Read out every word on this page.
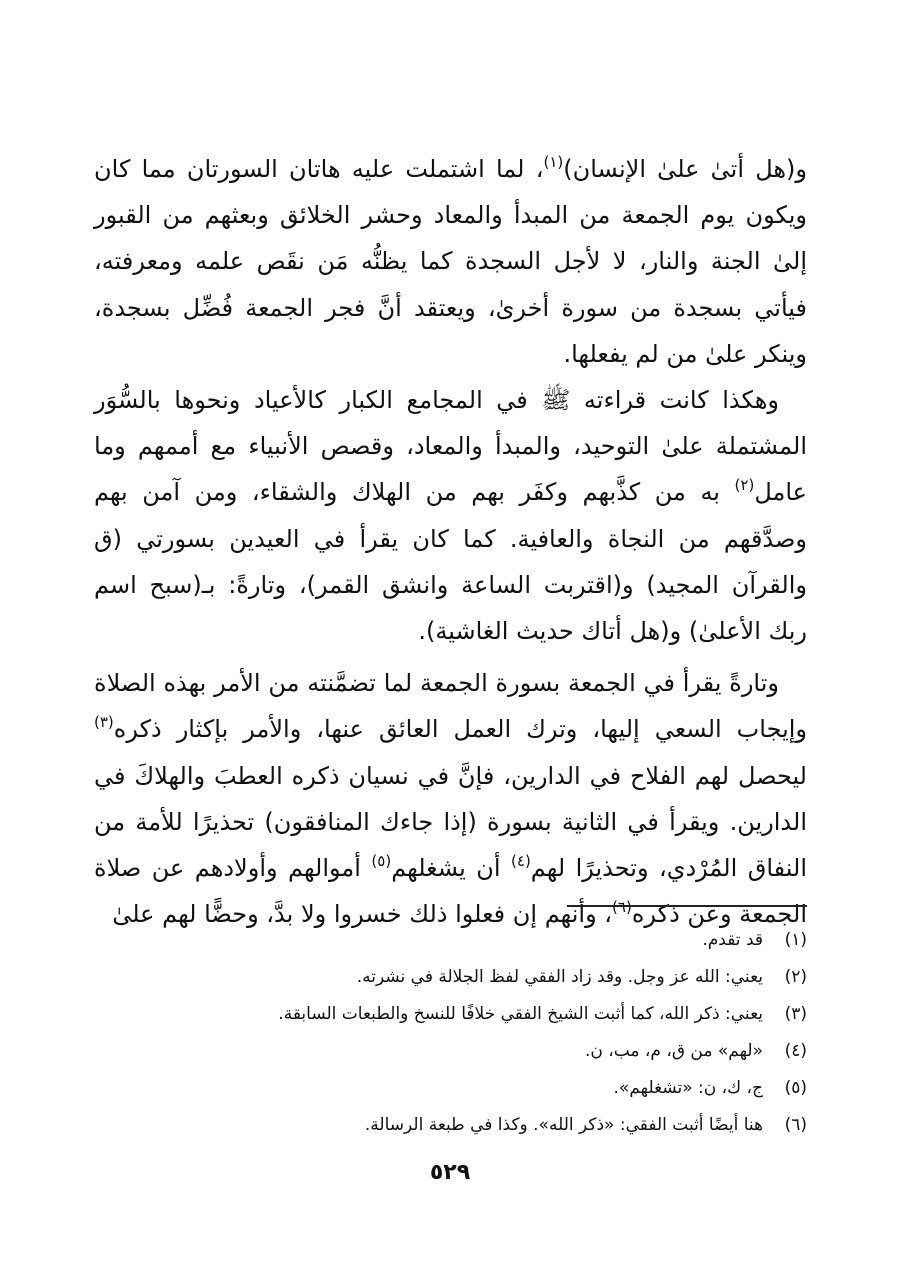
و(هل أتىٰ علىٰ الإنسان)$^{(١)}$، لما اشتملت عليه هاتان السورتان مما كان ويكون يوم الجمعة من المبدأ والمعاد وحشر الخلائق وبعثهم من القبور إلىٰ الجنة والنار، لا لأجل السجدة كما يظنُّه مَن نقَص علمه ومعرفته، فيأتي بسجدة من سورة أخرىٰ، ويعتقد أنَّ فجر الجمعة فُضِّل بسجدة، وينكر علىٰ من لم يفعلها.

وهكذا كانت قراءته ﷺ في المجامع الكبار كالأعياد ونحوها بالسُّوَر المشتملة علىٰ التوحيد، والمبدأ والمعاد، وقصص الأنبياء مع أممهم وما عامل$^{(٢)}$ به من كذَّبهم وكفَر بهم من الهلاك والشقاء، ومن آمن بهم وصدَّقهم من النجاة والعافية. كما كان يقرأ في العيدين بسورتي (ق والقرآن المجيد) و(اقتربت الساعة وانشق القمر)، وتارةً: بـ(سبح اسم ربك الأعلىٰ) و(هل أتاك حديث الغاشية).

وتارةً يقرأ في الجمعة بسورة الجمعة لما تضمَّنته من الأمر بهذه الصلاة وإيجاب السعي إليها، وترك العمل العائق عنها، والأمر بإكثار ذكره$^{(٣)}$ ليحصل لهم الفلاح في الدارين، فإنَّ في نسيان ذكره العطبَ والهلاكَ في الدارين. ويقرأ في الثانية بسورة (إذا جاءك المنافقون) تحذيرًا للأمة من النفاق المُرْدي، وتحذيرًا لهم$^{(٤)}$ أن يشغلهم$^{(٥)}$ أموالهم وأولادهم عن صلاة الجمعة وعن ذكره$^{(٦)}$، وأنهم إن فعلوا ذلك خسروا ولا بدَّ، وحضًّا لهم علىٰ

(١)قد تقدم.
(٢)يعني: الله عز وجل. وقد زاد الفقي لفظ الجلالة في نشرته.
(٣)يعني: ذكر الله، كما أثبت الشيخ الفقي خلافًا للنسخ والطبعات السابقة.
(٤)«لهم» من ق، م، مب، ن.
(٥)ج، ك، ن: «تشغلهم».
(٦)هنا أيضًا أثبت الفقي: «ذكر الله». وكذا في طبعة الرسالة.
٥٢٩
